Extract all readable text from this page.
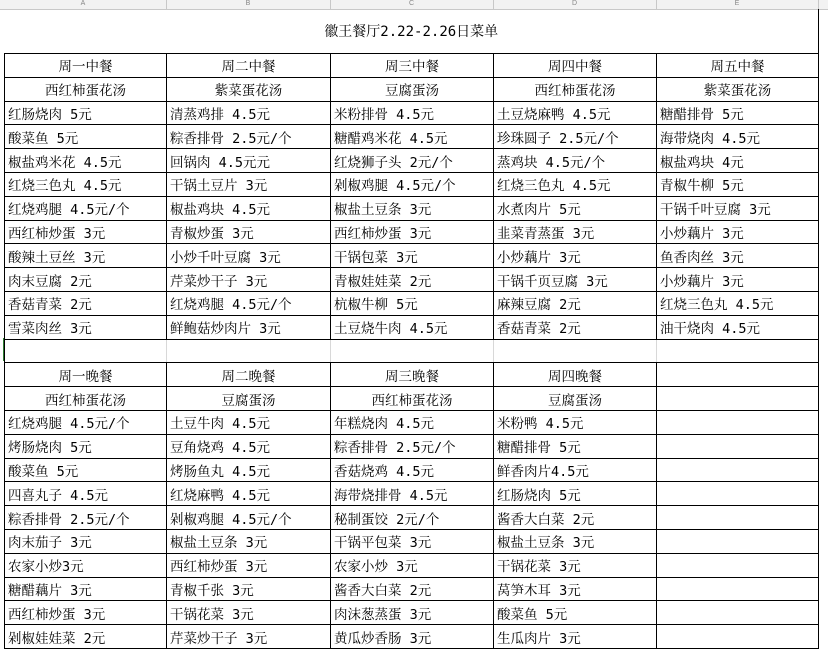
A	B	C	D	E
徽王餐厅2.22-2.26日菜单				
周一中餐	周二中餐	周三中餐	周四中餐	周五中餐
西红柿蛋花汤	紫菜蛋花汤	豆腐蛋汤	西红柿蛋花汤	紫菜蛋花汤
红肠烧肉 5元	清蒸鸡排 4.5元	米粉排骨 4.5元	土豆烧麻鸭 4.5元	糖醋排骨 5元
酸菜鱼 5元	粽香排骨 2.5元/个	糖醋鸡米花 4.5元	珍珠圆子 2.5元/个	海带烧肉 4.5元
椒盐鸡米花 4.5元	回锅肉 4.5元元	红烧狮子头 2元/个	蒸鸡块 4.5元/个	椒盐鸡块 4元
红烧三色丸 4.5元	干锅土豆片 3元	剁椒鸡腿 4.5元/个	红烧三色丸 4.5元	青椒牛柳 5元
红烧鸡腿 4.5元/个	椒盐鸡块 4.5元	椒盐土豆条 3元	水煮肉片 5元	干锅千叶豆腐 3元
西红柿炒蛋 3元	青椒炒蛋 3元	西红柿炒蛋 3元	韭菜青蒸蛋 3元	小炒藕片 3元
酸辣土豆丝 3元	小炒千叶豆腐 3元	干锅包菜 3元	小炒藕片 3元	鱼香肉丝 3元
肉末豆腐 2元	芹菜炒干子 3元	青椒娃娃菜 2元	干锅千页豆腐 3元	小炒藕片 3元
香菇青菜 2元	红烧鸡腿 4.5元/个	杭椒牛柳 5元	麻辣豆腐 2元	红烧三色丸 4.5元
雪菜肉丝 3元	鲜鲍菇炒肉片 3元	土豆烧牛肉 4.5元	香菇青菜 2元	油干烧肉 4.5元

周一晚餐	周二晚餐	周三晚餐	周四晚餐	
西红柿蛋花汤	豆腐蛋汤	西红柿蛋花汤	豆腐蛋汤	
红烧鸡腿 4.5元/个	土豆牛肉 4.5元	年糕烧肉 4.5元	米粉鸭 4.5元	
烤肠烧肉 5元	豆角烧鸡 4.5元	粽香排骨 2.5元/个	糖醋排骨 5元	
酸菜鱼 5元	烤肠鱼丸 4.5元	香菇烧鸡 4.5元	鲜香肉片4.5元	
四喜丸子 4.5元	红烧麻鸭 4.5元	海带烧排骨 4.5元	红肠烧肉 5元	
粽香排骨 2.5元/个	剁椒鸡腿 4.5元/个	秘制蛋饺 2元/个	酱香大白菜 2元	
肉末茄子 3元	椒盐土豆条 3元	干锅平包菜 3元	椒盐土豆条 3元	
农家小炒3元	西红柿炒蛋 3元	农家小炒 3元	干锅花菜 3元	
糖醋藕片 3元	青椒千张 3元	酱香大白菜 2元	莴笋木耳 3元	
西红柿炒蛋 3元	干锅花菜 3元	肉沫葱蒸蛋 3元	酸菜鱼 5元	
剁椒娃娃菜 2元	芹菜炒干子 3元	黄瓜炒香肠 3元	生瓜肉片 3元	
